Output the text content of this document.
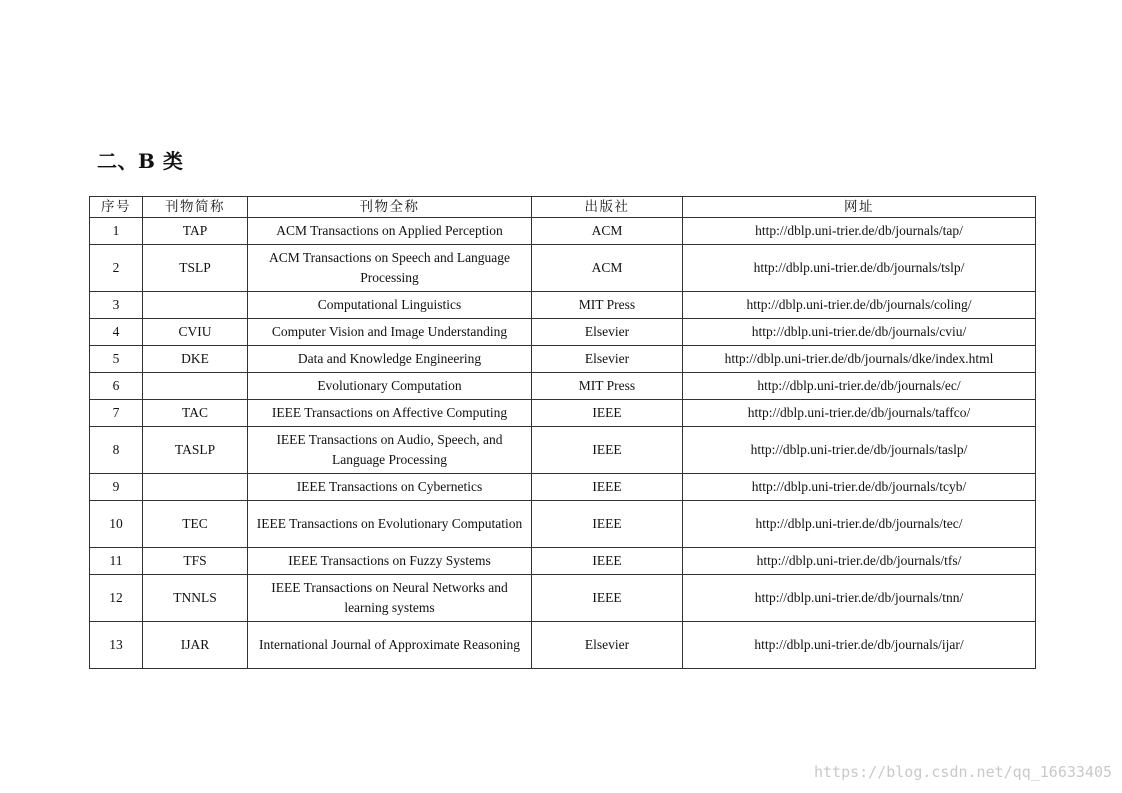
二、B 类
序号	刊物简称	刊物全称	出版社	网址
1	TAP	ACM Transactions on Applied Perception	ACM	http://dblp.uni-trier.de/db/journals/tap/
2	TSLP	ACM Transactions on Speech and Language Processing	ACM	http://dblp.uni-trier.de/db/journals/tslp/
3		Computational Linguistics	MIT Press	http://dblp.uni-trier.de/db/journals/coling/
4	CVIU	Computer Vision and Image Understanding	Elsevier	http://dblp.uni-trier.de/db/journals/cviu/
5	DKE	Data and Knowledge Engineering	Elsevier	http://dblp.uni-trier.de/db/journals/dke/index.html
6		Evolutionary Computation	MIT Press	http://dblp.uni-trier.de/db/journals/ec/
7	TAC	IEEE Transactions on Affective Computing	IEEE	http://dblp.uni-trier.de/db/journals/taffco/
8	TASLP	IEEE Transactions on Audio, Speech, and Language Processing	IEEE	http://dblp.uni-trier.de/db/journals/taslp/
9		IEEE Transactions on Cybernetics	IEEE	http://dblp.uni-trier.de/db/journals/tcyb/
10	TEC	IEEE Transactions on Evolutionary Computation	IEEE	http://dblp.uni-trier.de/db/journals/tec/
11	TFS	IEEE Transactions on Fuzzy Systems	IEEE	http://dblp.uni-trier.de/db/journals/tfs/
12	TNNLS	IEEE Transactions on Neural Networks and learning systems	IEEE	http://dblp.uni-trier.de/db/journals/tnn/
13	IJAR	International Journal of Approximate Reasoning	Elsevier	http://dblp.uni-trier.de/db/journals/ijar/
https://blog.csdn.net/qq_16633405
